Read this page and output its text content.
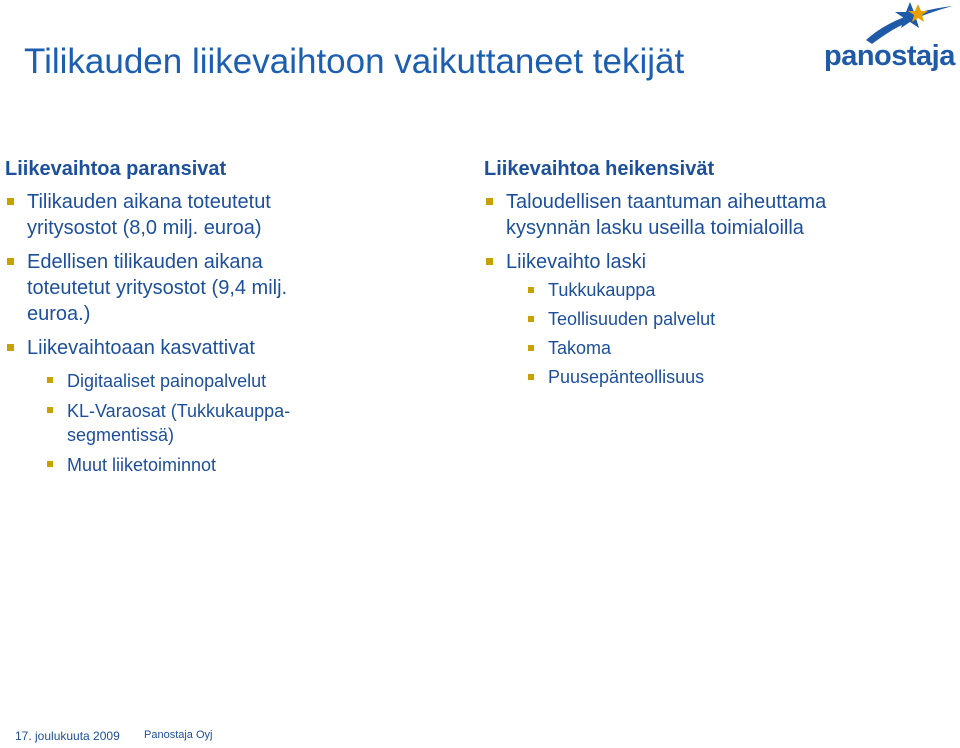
Tilikauden liikevaihtoon vaikuttaneet tekijät	panostaja
Liikevaihtoa paransivat
Tilikauden aikana toteutetut yritysostot (8,0 milj. euroa)
Edellisen tilikauden aikana toteutetut yritysostot (9,4 milj. euroa.)
Liikevaihtoaan kasvattivat
Digitaaliset painopalvelut
KL-Varaosat (Tukkukauppa-segmentissä)
Muut liiketoiminnot
Liikevaihtoa heikensivät
Taloudellisen taantuman aiheuttama kysynnän lasku useilla toimialoilla
Liikevaihto laski
Tukkukauppa
Teollisuuden palvelut
Takoma
Puusepänteollisuus
17. joulukuuta 2009 Panostaja Oyj
